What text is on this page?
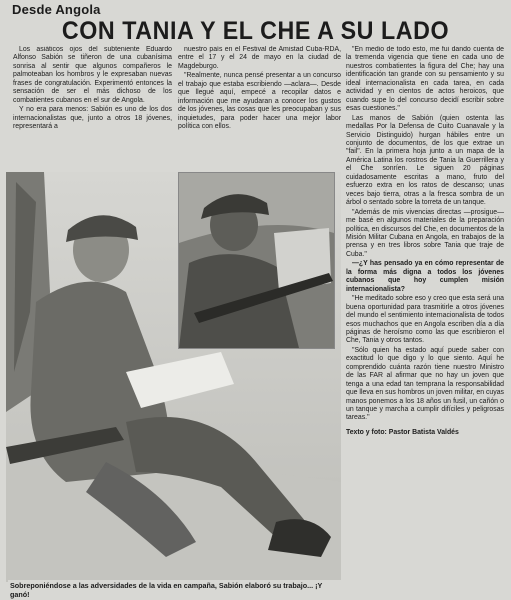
Desde Angola
CON TANIA Y EL CHE A SU LADO

Los asiáticos ojos del subteniente Eduardo Alfonso Sabión se tiñeron de una cubanísima sonrisa al sentir que algunos compañeros le palmoteaban los hombros y le expresaban nuevas frases de congratulación. Experimentó entonces la sensación de ser el más dichoso de los combatientes cubanos en el sur de Angola.

Y no era para menos: Sabión es uno de los dos internacionalistas que, junto a otros 18 jóvenes, representará a

nuestro país en el Festival de Amistad Cuba-RDA, entre el 17 y el 24 de mayo en la ciudad de Magdeburgo.

"Realmente, nunca pensé presentar a un concurso el trabajo que estaba escribiendo —aclara—. Desde que llegué aquí, empecé a recopilar datos e información que me ayudaran a conocer los gustos de los jóvenes, las cosas que les preocupaban y sus inquietudes, para poder hacer una mejor labor política con ellos.

"En medio de todo esto, me fui dando cuenta de la tremenda vigencia que tiene en cada uno de nuestros combatientes la figura del Che; hay una identificación tan grande con su pensamiento y su ideal internacionalista en cada tarea, en cada actividad y en cientos de actos heroicos, que cuando supe lo del concurso decidí escribir sobre esas cuestiones."

Las manos de Sabión (quien ostenta las medallas Por la Defensa de Cuito Cuanavale y la Servicio Distinguido) hurgan hábiles entre un conjunto de documentos, de los que extrae un "fail". En la primera hoja junto a un mapa de la América Latina los rostros de Tania la Guerrillera y el Che sonríen. Le siguen 20 páginas cuidadosamente escritas a mano, fruto del esfuerzo extra en los ratos de descanso; unas veces bajo tierra, otras a la fresca sombra de un árbol o sentado sobre la torreta de un tanque.

"Además de mis vivencias directas —prosigue— me basé en algunos materiales de la preparación política, en discursos del Che, en documentos de la Misión Militar Cubana en Angola, en trabajos de la prensa y en tres libros sobre Tania que traje de Cuba."

—¿Y has pensado ya en cómo representar de la forma más digna a todos los jóvenes cubanos que hoy cumplen misión internacionalista?

"He meditado sobre eso y creo que esta será una buena oportunidad para trasmitirle a otros jóvenes del mundo el sentimiento internacionalista de todos esos muchachos que en Angola escriben día a día páginas de heroísmo como las que escribieron el Che, Tania y otros tantos.

"Sólo quien ha estado aquí puede saber con exactitud lo que digo y lo que siento. Aquí he comprendido cuánta razón tiene nuestro Ministro de las FAR al afirmar que no hay un joven que tenga a una edad tan temprana la responsabilidad que lleva en sus hombros un joven militar, en cuyas manos ponemos a los 18 años un fusil, un cañón o un tanque y marcha a cumplir difíciles y peligrosas tareas."

Texto y foto: Pastor Batista Valdés

Sobreponiéndose a las adversidades de la vida en campaña, Sabión elaboró su trabajo... ¡Y ganó!
